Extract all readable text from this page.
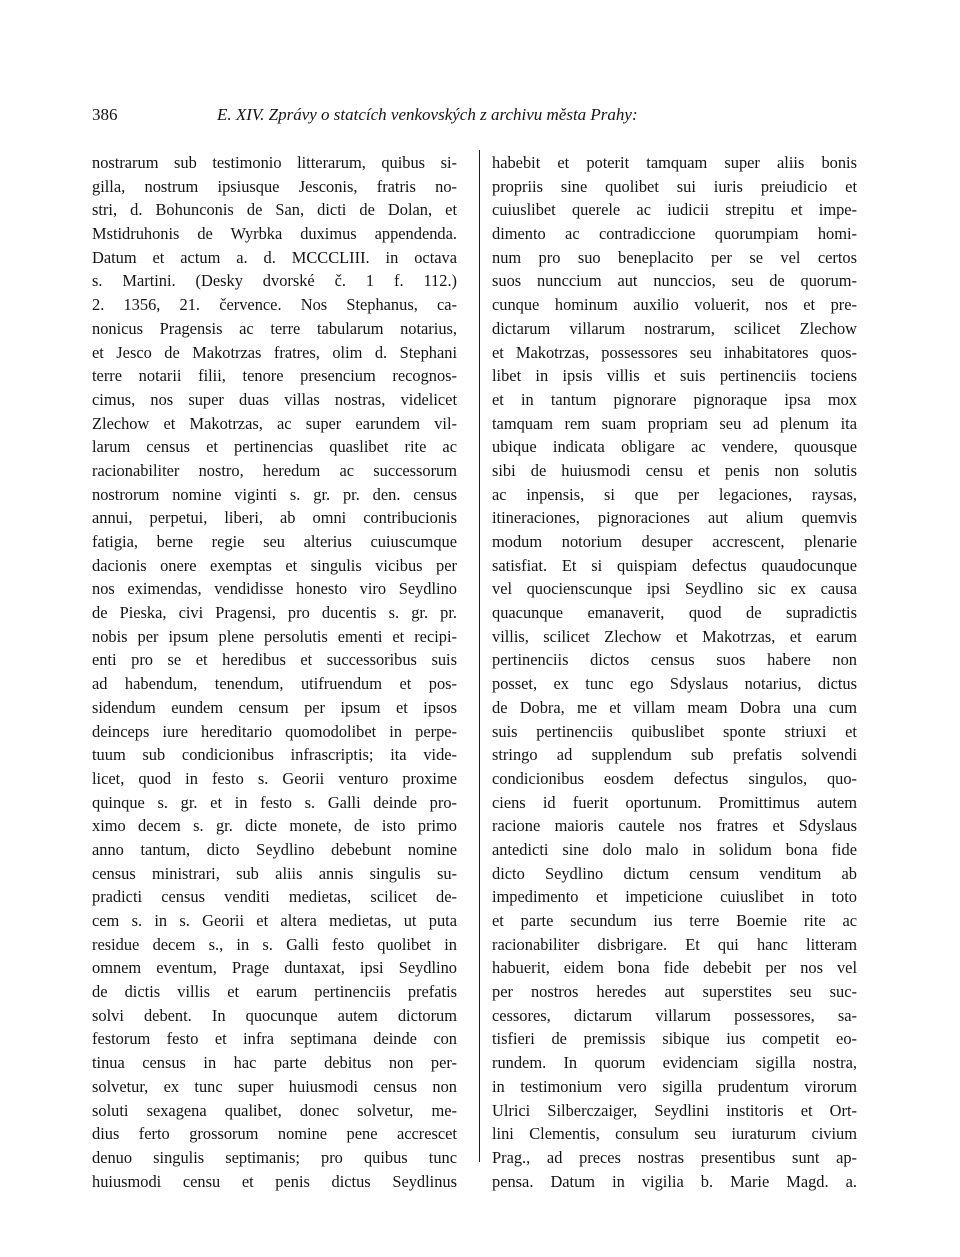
386	E. XIV. Zprávy o statcích venkovských z archivu města Prahy:
nostrarum sub testimonio litterarum, quibus si-
gilla, nostrum ipsiusque Jesconis, fratris no-
stri, d. Bohunconis de San, dicti de Dolan, et
Mstidruhonis de Wyrbka duximus appendenda.
Datum et actum a. d. MCCCLIII. in octava
s. Martini. (Desky dvorské č. 1 f. 112.)
2. 1356, 21. července. Nos Stephanus, ca-
nonicus Pragensis ac terre tabularum notarius,
et Jesco de Makotrzas fratres, olim d. Stephani
terre notarii filii, tenore presencium recognos-
cimus, nos super duas villas nostras, videlicet
Zlechow et Makotrzas, ac super earundem vil-
larum census et pertinencias quaslibet rite ac
racionabiliter nostro, heredum ac successorum
nostrorum nomine viginti s. gr. pr. den. census
annui, perpetui, liberi, ab omni contribucionis
fatigia, berne regie seu alterius cuiuscumque
dacionis onere exemptas et singulis vicibus per
nos eximendas, vendidisse honesto viro Seydlino
de Pieska, civi Pragensi, pro ducentis s. gr. pr.
nobis per ipsum plene persolutis ementi et recipi-
enti pro se et heredibus et successoribus suis
ad habendum, tenendum, utifruendum et pos-
sidendum eundem censum per ipsum et ipsos
deinceps iure hereditario quomodolibet in perpe-
tuum sub condicionibus infrascriptis; ita vide-
licet, quod in festo s. Georii venturo proxime
quinque s. gr. et in festo s. Galli deinde pro-
ximo decem s. gr. dicte monete, de isto primo
anno tantum, dicto Seydlino debebunt nomine
census ministrari, sub aliis annis singulis su-
pradicti census venditi medietas, scilicet de-
cem s. in s. Georii et altera medietas, ut puta
residue decem s., in s. Galli festo quolibet in
omnem eventum, Prage duntaxat, ipsi Seydlino
de dictis villis et earum pertinenciis prefatis
solvi debent. In quocunque autem dictorum
festorum festo et infra septimana deinde con
tinua census in hac parte debitus non per-
solvetur, ex tunc super huiusmodi census non
soluti sexagena qualibet, donec solvetur, me-
dius ferto grossorum nomine pene accrescet
denuo singulis septimanis; pro quibus tunc
huiusmodi censu et penis dictus Seydlinus
habebit et poterit tamquam super aliis bonis
propriis sine quolibet sui iuris preiudicio et
cuiuslibet querele ac iudicii strepitu et impe-
dimento ac contradiccione quorumpiam homi-
num pro suo beneplacito per se vel certos
suos nunccium aut nunccios, seu de quorum-
cunque hominum auxilio voluerit, nos et pre-
dictarum villarum nostrarum, scilicet Zlechow
et Makotrzas, possessores seu inhabitatores quos-
libet in ipsis villis et suis pertinenciis tociens
et in tantum pignorare pignoraque ipsa mox
tamquam rem suam propriam seu ad plenum ita
ubique indicata obligare ac vendere, quousque
sibi de huiusmodi censu et penis non solutis
ac inpensis, si que per legaciones, raysas,
itineraciones, pignoraciones aut alium quemvis
modum notorium desuper accrescent, plenarie
satisfiat. Et si quispiam defectus quaudocunque
vel quocienscunque ipsi Seydlino sic ex causa
quacunque emanaverit, quod de supradictis
villis, scilicet Zlechow et Makotrzas, et earum
pertinenciis dictos census suos habere non
posset, ex tunc ego Sdyslaus notarius, dictus
de Dobra, me et villam meam Dobra una cum
suis pertinenciis quibuslibet sponte striuxi et
stringo ad supplendum sub prefatis solvendi
condicionibus eosdem defectus singulos, quo-
ciens id fuerit oportunum. Promittimus autem
racione maioris cautele nos fratres et Sdyslaus
antedicti sine dolo malo in solidum bona fide
dicto Seydlino dictum censum venditum ab
impedimento et impeticione cuiuslibet in toto
et parte secundum ius terre Boemie rite ac
racionabiliter disbrigare. Et qui hanc litteram
habuerit, eidem bona fide debebit per nos vel
per nostros heredes aut superstites seu suc-
cessores, dictarum villarum possessores, sa-
tisfieri de premissis sibique ius competit eo-
rundem. In quorum evidenciam sigilla nostra,
in testimonium vero sigilla prudentum virorum
Ulrici Silberczaiger, Seydlini institoris et Ort-
lini Clementis, consulum seu iuraturum civium
Prag., ad preces nostras presentibus sunt ap-
pensa. Datum in vigilia b. Marie Magd. a.
